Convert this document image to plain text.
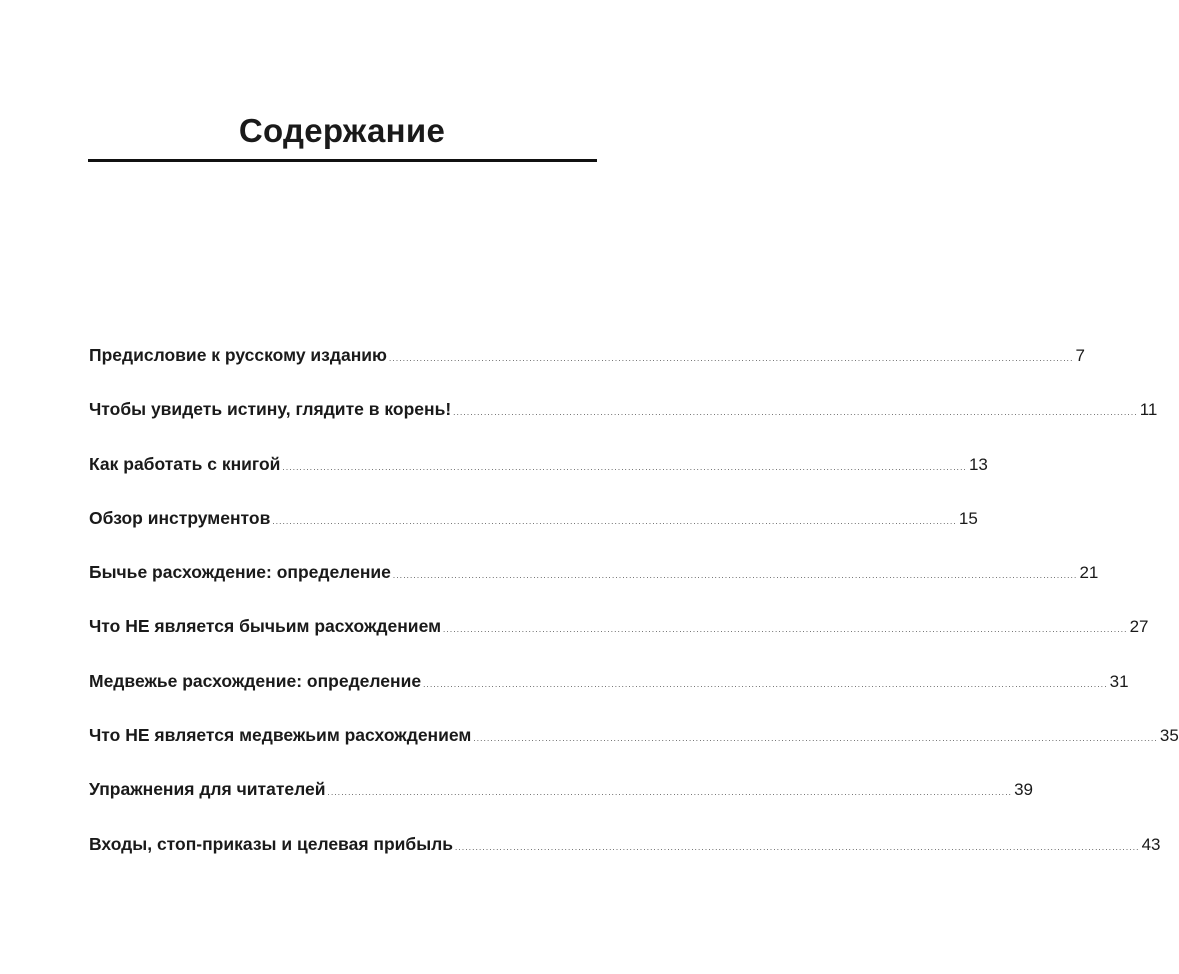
Содержание
Предисловие к русскому изданию ........................................................................................................................................................................................................ 7
Чтобы увидеть истину, глядите в корень! ........................................................................................................................................................................................................ 11
Как работать с книгой ........................................................................................................................................................................................................ 13
Обзор инструментов ........................................................................................................................................................................................................ 15
Бычье расхождение: определение ........................................................................................................................................................................................................ 21
Что НЕ является бычьим расхождением ........................................................................................................................................................................................................ 27
Медвежье расхождение: определение ........................................................................................................................................................................................................ 31
Что НЕ является медвежьим расхождением ........................................................................................................................................................................................................ 35
Упражнения для читателей ........................................................................................................................................................................................................ 39
Входы, стоп-приказы и целевая прибыль ........................................................................................................................................................................................................ 43
